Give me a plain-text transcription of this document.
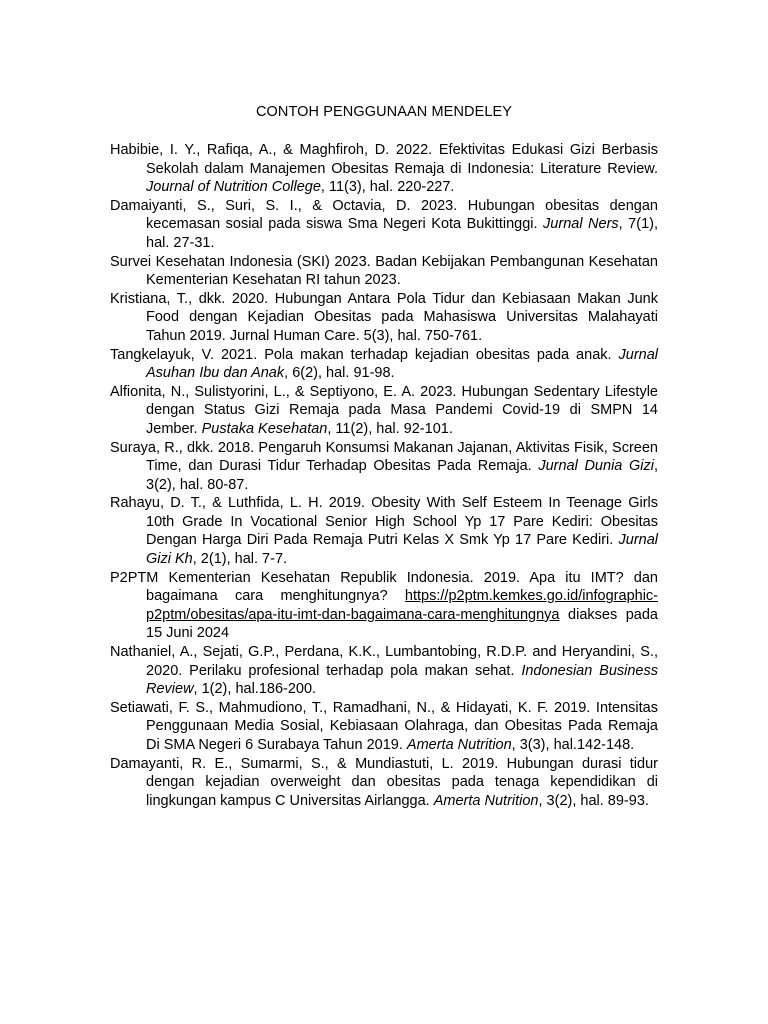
CONTOH PENGGUNAAN MENDELEY

Habibie, I. Y., Rafiqa, A., & Maghfiroh, D. 2022. Efektivitas Edukasi Gizi Berbasis Sekolah dalam Manajemen Obesitas Remaja di Indonesia: Literature Review. Journal of Nutrition College, 11(3), hal. 220-227.

Damaiyanti, S., Suri, S. I., & Octavia, D. 2023. Hubungan obesitas dengan kecemasan sosial pada siswa Sma Negeri Kota Bukittinggi. Jurnal Ners, 7(1), hal. 27-31.

Survei Kesehatan Indonesia (SKI) 2023. Badan Kebijakan Pembangunan Kesehatan Kementerian Kesehatan RI tahun 2023.

Kristiana, T., dkk. 2020. Hubungan Antara Pola Tidur dan Kebiasaan Makan Junk Food dengan Kejadian Obesitas pada Mahasiswa Universitas Malahayati Tahun 2019. Jurnal Human Care. 5(3), hal. 750-761.

Tangkelayuk, V. 2021. Pola makan terhadap kejadian obesitas pada anak. Jurnal Asuhan Ibu dan Anak, 6(2), hal. 91-98.

Alfionita, N., Sulistyorini, L., & Septiyono, E. A. 2023. Hubungan Sedentary Lifestyle dengan Status Gizi Remaja pada Masa Pandemi Covid-19 di SMPN 14 Jember. Pustaka Kesehatan, 11(2), hal. 92-101.

Suraya, R., dkk. 2018. Pengaruh Konsumsi Makanan Jajanan, Aktivitas Fisik, Screen Time, dan Durasi Tidur Terhadap Obesitas Pada Remaja. Jurnal Dunia Gizi, 3(2), hal. 80-87.

Rahayu, D. T., & Luthfida, L. H. 2019. Obesity With Self Esteem In Teenage Girls 10th Grade In Vocational Senior High School Yp 17 Pare Kediri: Obesitas Dengan Harga Diri Pada Remaja Putri Kelas X Smk Yp 17 Pare Kediri. Jurnal Gizi Kh, 2(1), hal. 7-7.

P2PTM Kementerian Kesehatan Republik Indonesia. 2019. Apa itu IMT? dan bagaimana cara menghitungnya? https://p2ptm.kemkes.go.id/infographic-p2ptm/obesitas/apa-itu-imt-dan-bagaimana-cara-menghitungnya diakses pada 15 Juni 2024

Nathaniel, A., Sejati, G.P., Perdana, K.K., Lumbantobing, R.D.P. and Heryandini, S., 2020. Perilaku profesional terhadap pola makan sehat. Indonesian Business Review, 1(2), hal.186-200.

Setiawati, F. S., Mahmudiono, T., Ramadhani, N., & Hidayati, K. F. 2019. Intensitas Penggunaan Media Sosial, Kebiasaan Olahraga, dan Obesitas Pada Remaja Di SMA Negeri 6 Surabaya Tahun 2019. Amerta Nutrition, 3(3), hal.142-148.

Damayanti, R. E., Sumarmi, S., & Mundiastuti, L. 2019. Hubungan durasi tidur dengan kejadian overweight dan obesitas pada tenaga kependidikan di lingkungan kampus C Universitas Airlangga. Amerta Nutrition, 3(2), hal. 89-93.
